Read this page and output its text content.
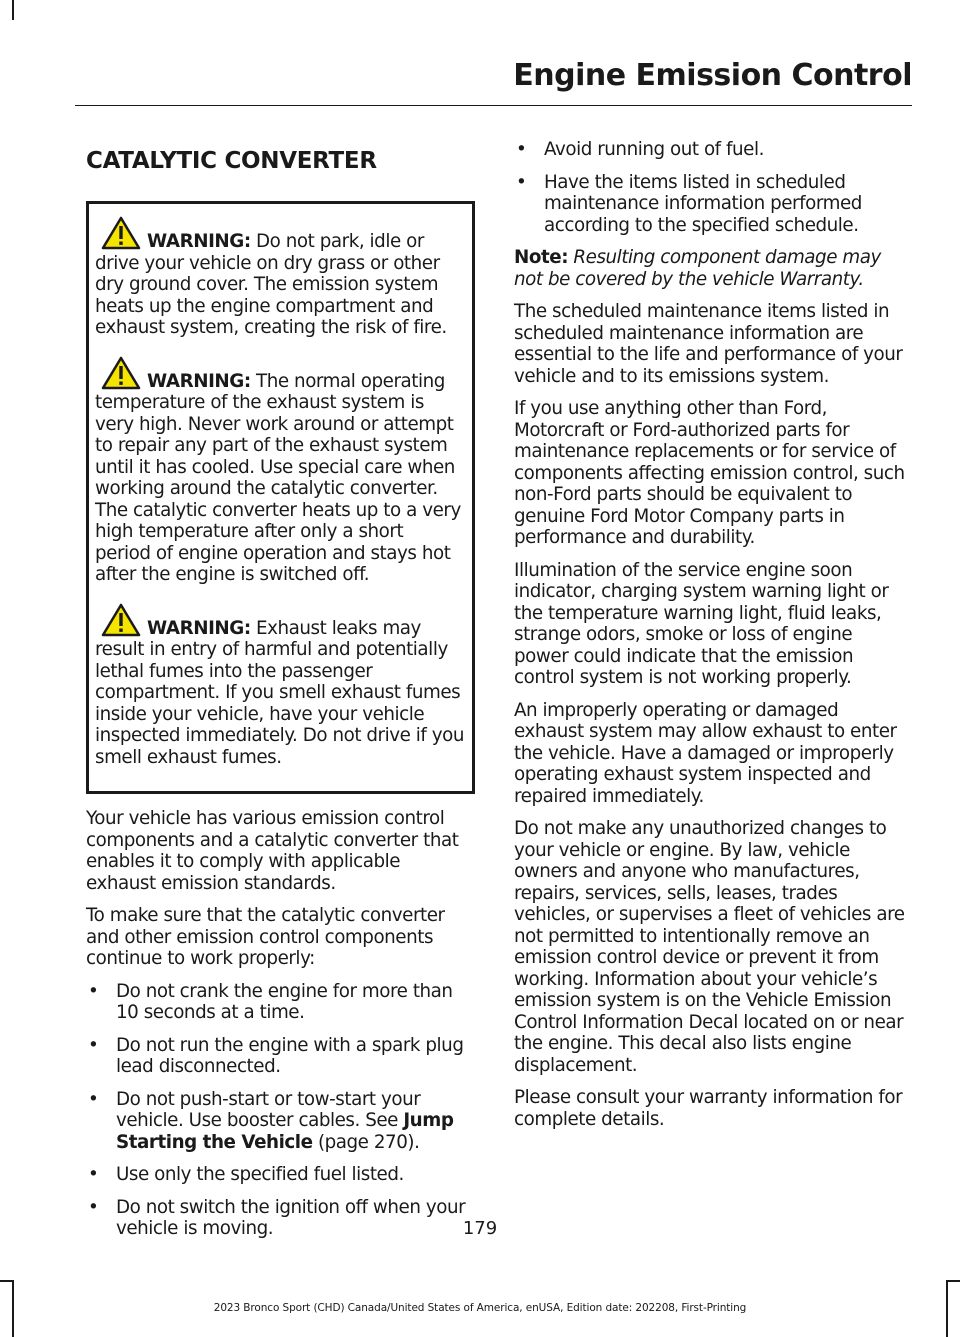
Engine Emission Control
CATALYTIC CONVERTER
WARNING: Do not park, idle or drive your vehicle on dry grass or other dry ground cover. The emission system heats up the engine compartment and exhaust system, creating the risk of fire.
WARNING: The normal operating temperature of the exhaust system is very high. Never work around or attempt to repair any part of the exhaust system until it has cooled. Use special care when working around the catalytic converter. The catalytic converter heats up to a very high temperature after only a short period of engine operation and stays hot after the engine is switched off.
WARNING: Exhaust leaks may result in entry of harmful and potentially lethal fumes into the passenger compartment. If you smell exhaust fumes inside your vehicle, have your vehicle inspected immediately. Do not drive if you smell exhaust fumes.

Your vehicle has various emission control components and a catalytic converter that enables it to comply with applicable exhaust emission standards.

To make sure that the catalytic converter and other emission control components continue to work properly:

• Do not crank the engine for more than 10 seconds at a time.
• Do not run the engine with a spark plug lead disconnected.
• Do not push-start or tow-start your vehicle. Use booster cables. See Jump Starting the Vehicle (page 270).
• Use only the specified fuel listed.
• Do not switch the ignition off when your vehicle is moving.
• Avoid running out of fuel.
• Have the items listed in scheduled maintenance information performed according to the specified schedule.

Note: Resulting component damage may not be covered by the vehicle Warranty.

The scheduled maintenance items listed in scheduled maintenance information are essential to the life and performance of your vehicle and to its emissions system.

If you use anything other than Ford, Motorcraft or Ford-authorized parts for maintenance replacements or for service of components affecting emission control, such non-Ford parts should be equivalent to genuine Ford Motor Company parts in performance and durability.

Illumination of the service engine soon indicator, charging system warning light or the temperature warning light, fluid leaks, strange odors, smoke or loss of engine power could indicate that the emission control system is not working properly.

An improperly operating or damaged exhaust system may allow exhaust to enter the vehicle. Have a damaged or improperly operating exhaust system inspected and repaired immediately.

Do not make any unauthorized changes to your vehicle or engine. By law, vehicle owners and anyone who manufactures, repairs, services, sells, leases, trades vehicles, or supervises a fleet of vehicles are not permitted to intentionally remove an emission control device or prevent it from working. Information about your vehicle’s emission system is on the Vehicle Emission Control Information Decal located on or near the engine. This decal also lists engine displacement.

Please consult your warranty information for complete details.

179
2023 Bronco Sport (CHD) Canada/United States of America, enUSA, Edition date: 202208, First-Printing
